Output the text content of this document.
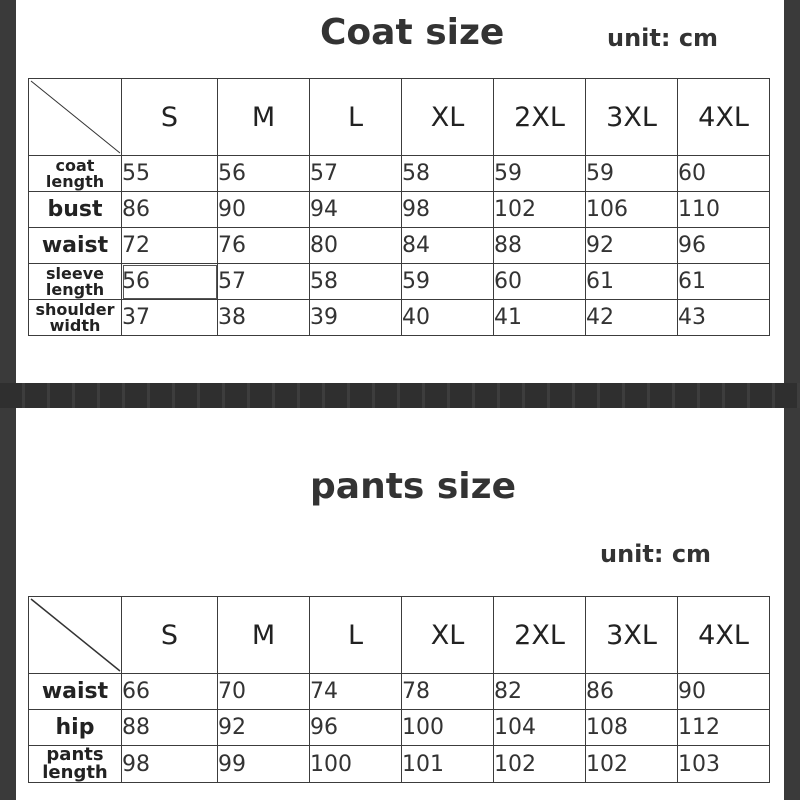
Coat size	unit: cm
	S	M	L	XL	2XL	3XL	4XL

coat
length	55	56	57	58	59	59	60
bust	86	90	94	98	102	106	110
waist	72	76	80	84	88	92	96

sleeve
length	56	57	58	59	60	61	61

shoulder
width	37	38	39	40	41	42	43
pants size
unit: cm
	S	M	L	XL	2XL	3XL	4XL
waist	66	70	74	78	82	86	90
hip	88	92	96	100	104	108	112

pants
length	98	99	100	101	102	102	103
